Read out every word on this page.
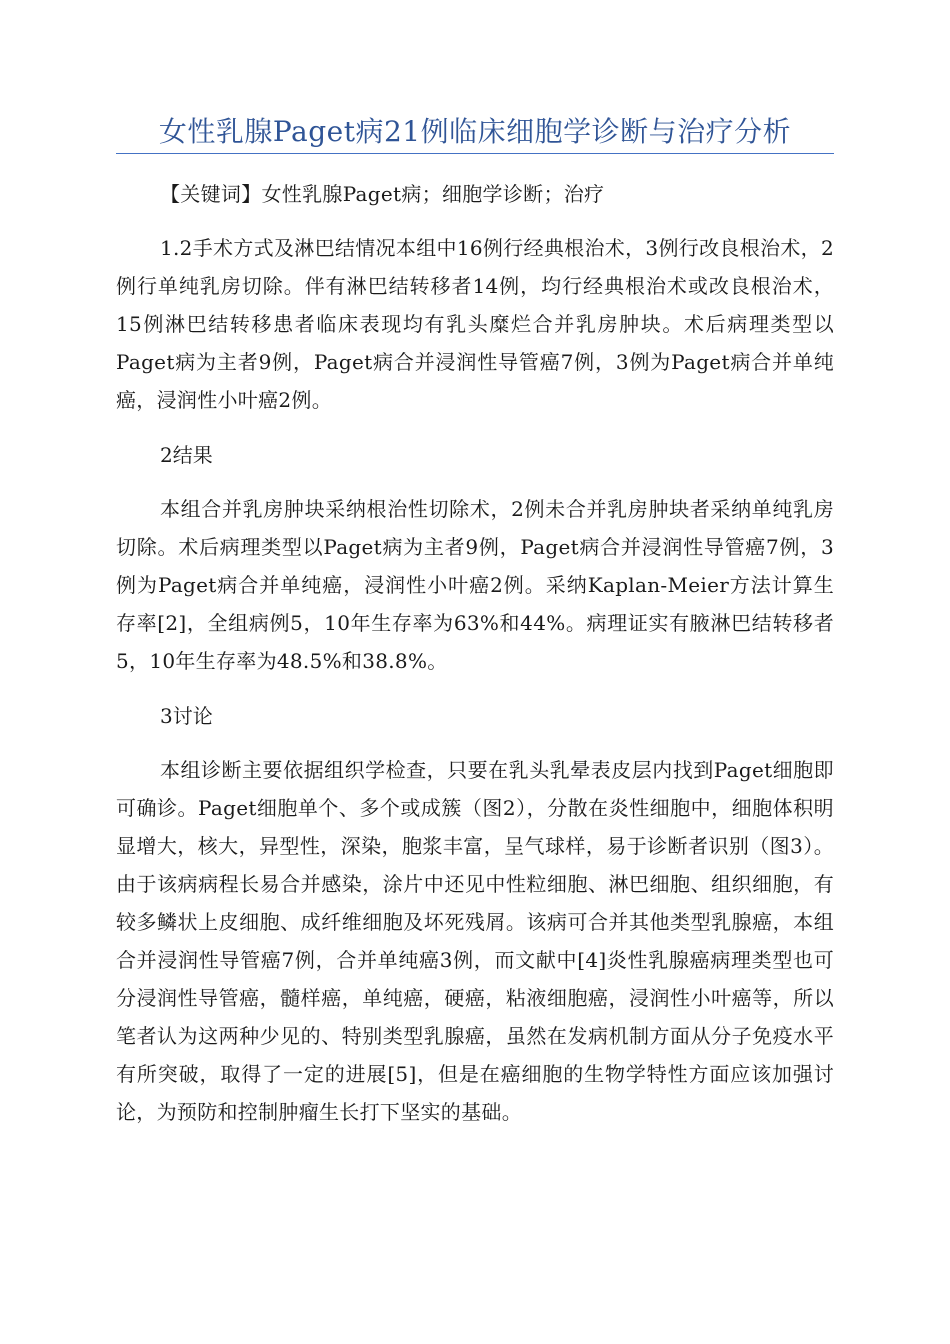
女性乳腺Paget病21例临床细胞学诊断与治疗分析

【关键词】女性乳腺Paget病；细胞学诊断；治疗

1.2手术方式及淋巴结情况本组中16例行经典根治术，3例行改良根治术，2例行单纯乳房切除。伴有淋巴结转移者14例，均行经典根治术或改良根治术，15例淋巴结转移患者临床表现均有乳头糜烂合并乳房肿块。术后病理类型以Paget病为主者9例，Paget病合并浸润性导管癌7例，3例为Paget病合并单纯癌，浸润性小叶癌2例。

2结果

本组合并乳房肿块采纳根治性切除术，2例未合并乳房肿块者采纳单纯乳房切除。术后病理类型以Paget病为主者9例，Paget病合并浸润性导管癌7例，3例为Paget病合并单纯癌，浸润性小叶癌2例。采纳Kaplan-Meier方法计算生存率[2]，全组病例5，10年生存率为63%和44%。病理证实有腋淋巴结转移者5，10年生存率为48.5%和38.8%。

3讨论

本组诊断主要依据组织学检查，只要在乳头乳晕表皮层内找到Paget细胞即可确诊。Paget细胞单个、多个或成簇（图2），分散在炎性细胞中，细胞体积明显增大，核大，异型性，深染，胞浆丰富，呈气球样，易于诊断者识别（图3）。由于该病病程长易合并感染，涂片中还见中性粒细胞、淋巴细胞、组织细胞，有较多鳞状上皮细胞、成纤维细胞及坏死残屑。该病可合并其他类型乳腺癌，本组合并浸润性导管癌7例，合并单纯癌3例，而文献中[4]炎性乳腺癌病理类型也可分浸润性导管癌，髓样癌，单纯癌，硬癌，粘液细胞癌，浸润性小叶癌等，所以笔者认为这两种少见的、特别类型乳腺癌，虽然在发病机制方面从分子免疫水平有所突破，取得了一定的进展[5]，但是在癌细胞的生物学特性方面应该加强讨论，为预防和控制肿瘤生长打下坚实的基础。
